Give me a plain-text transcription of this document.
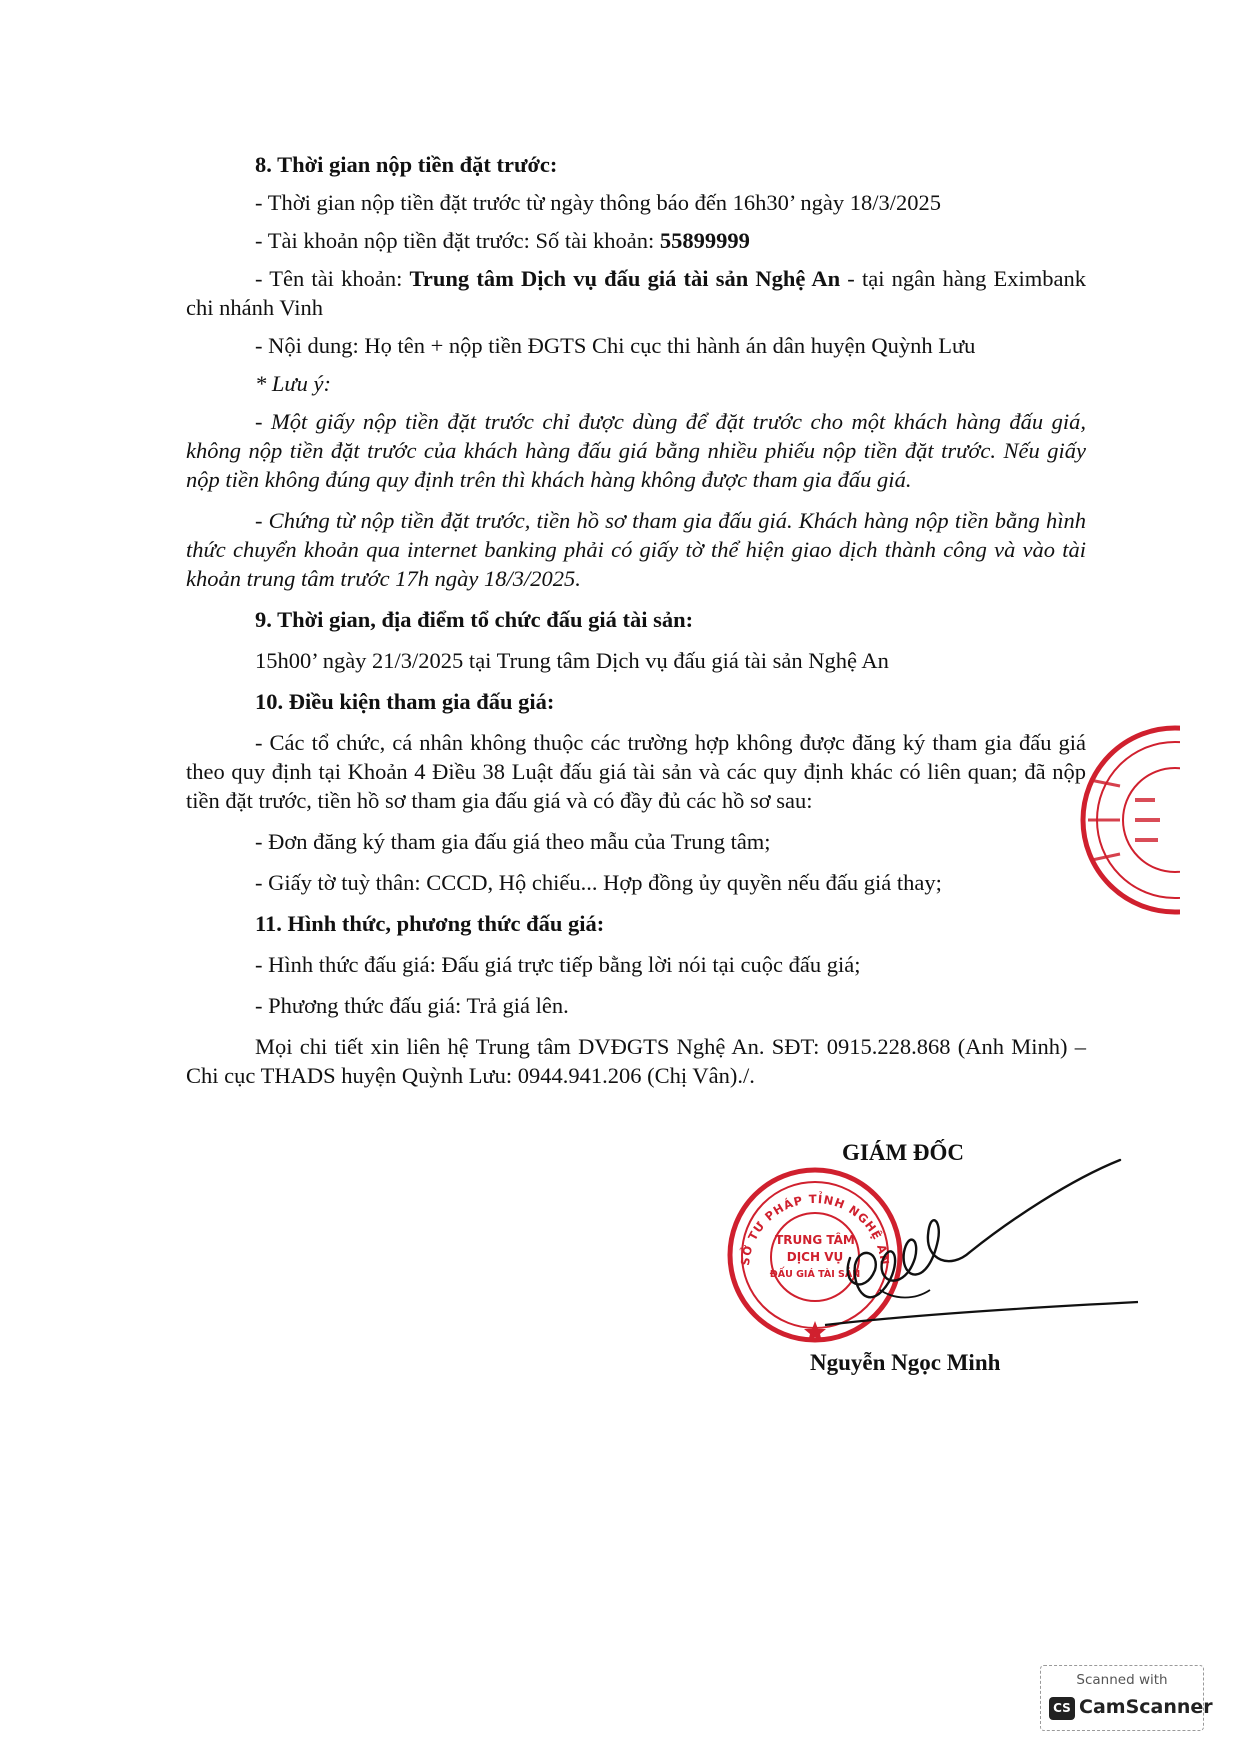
8. Thời gian nộp tiền đặt trước:

- Thời gian nộp tiền đặt trước từ ngày thông báo đến 16h30’ ngày 18/3/2025

- Tài khoản nộp tiền đặt trước: Số tài khoản: 55899999

- Tên tài khoản: Trung tâm Dịch vụ đấu giá tài sản Nghệ An - tại ngân hàng Eximbank chi nhánh Vinh

- Nội dung: Họ tên + nộp tiền ĐGTS Chi cục thi hành án dân huyện Quỳnh Lưu

* Lưu ý:

- Một giấy nộp tiền đặt trước chỉ được dùng để đặt trước cho một khách hàng đấu giá, không nộp tiền đặt trước của khách hàng đấu giá bằng nhiều phiếu nộp tiền đặt trước. Nếu giấy nộp tiền không đúng quy định trên thì khách hàng không được tham gia đấu giá.

- Chứng từ nộp tiền đặt trước, tiền hồ sơ tham gia đấu giá. Khách hàng nộp tiền bằng hình thức chuyển khoản qua internet banking phải có giấy tờ thể hiện giao dịch thành công và vào tài khoản trung tâm trước 17h ngày 18/3/2025.

9. Thời gian, địa điểm tổ chức đấu giá tài sản:

15h00’ ngày 21/3/2025 tại Trung tâm Dịch vụ đấu giá tài sản Nghệ An

10. Điều kiện tham gia đấu giá:

- Các tổ chức, cá nhân không thuộc các trường hợp không được đăng ký tham gia đấu giá theo quy định tại Khoản 4 Điều 38 Luật đấu giá tài sản và các quy định khác có liên quan; đã nộp tiền đặt trước, tiền hồ sơ tham gia đấu giá và có đầy đủ các hồ sơ sau:

- Đơn đăng ký tham gia đấu giá theo mẫu của Trung tâm;

- Giấy tờ tuỳ thân: CCCD, Hộ chiếu... Hợp đồng ủy quyền nếu đấu giá thay;

11. Hình thức, phương thức đấu giá:

- Hình thức đấu giá: Đấu giá trực tiếp bằng lời nói tại cuộc đấu giá;

- Phương thức đấu giá: Trả giá lên.

Mọi chi tiết xin liên hệ Trung tâm DVĐGTS Nghệ An. SĐT: 0915.228.868 (Anh Minh) – Chi cục THADS huyện Quỳnh Lưu: 0944.941.206 (Chị Vân)./.

SỞ TƯ PHÁP TỈNH NGHỆ AN
TRUNG TÂM
DỊCH VỤ
ĐẤU GIÁ TÀI SẢN
GIÁM ĐỐC
Nguyễn Ngọc Minh
Scanned with
CS CamScanner
